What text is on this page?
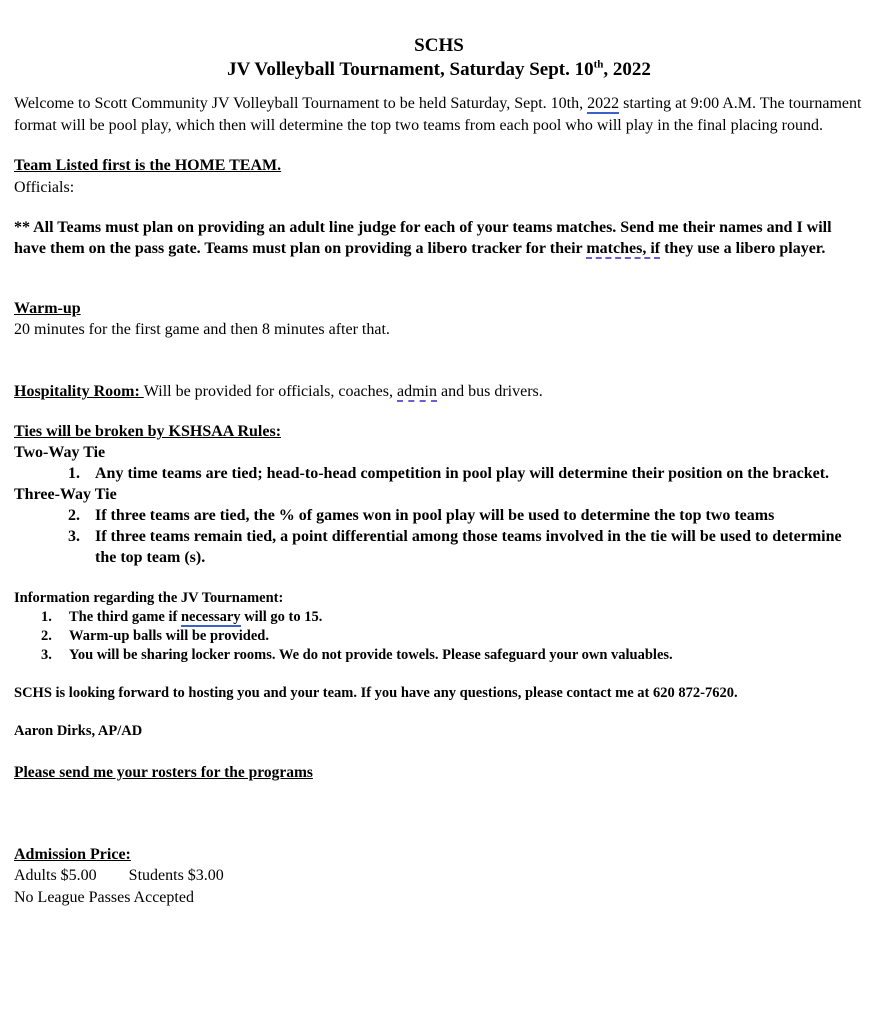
SCHS
JV Volleyball Tournament, Saturday Sept. 10th, 2022
Welcome to Scott Community JV Volleyball Tournament to be held Saturday, Sept. 10th, 2022 starting at 9:00 A.M. The tournament format will be pool play, which then will determine the top two teams from each pool who will play in the final placing round.
Team Listed first is the HOME TEAM.
Officials:
** All Teams must plan on providing an adult line judge for each of your teams matches. Send me their names and I will have them on the pass gate. Teams must plan on providing a libero tracker for their matches, if they use a libero player.
Warm-up
20 minutes for the first game and then 8 minutes after that.
Hospitality Room: Will be provided for officials, coaches, admin and bus drivers.
Ties will be broken by KSHSAA Rules:
Two-Way Tie
1. Any time teams are tied; head-to-head competition in pool play will determine their position on the bracket.
Three-Way Tie
2. If three teams are tied, the % of games won in pool play will be used to determine the top two teams
3. If three teams remain tied, a point differential among those teams involved in the tie will be used to determine the top team (s).
Information regarding the JV Tournament:
1. The third game if necessary will go to 15.
2. Warm-up balls will be provided.
3. You will be sharing locker rooms. We do not provide towels. Please safeguard your own valuables.
SCHS is looking forward to hosting you and your team. If you have any questions, please contact me at 620 872-7620.
Aaron Dirks, AP/AD
Please send me your rosters for the programs
Admission Price:
Adults $5.00 Students $3.00
No League Passes Accepted
